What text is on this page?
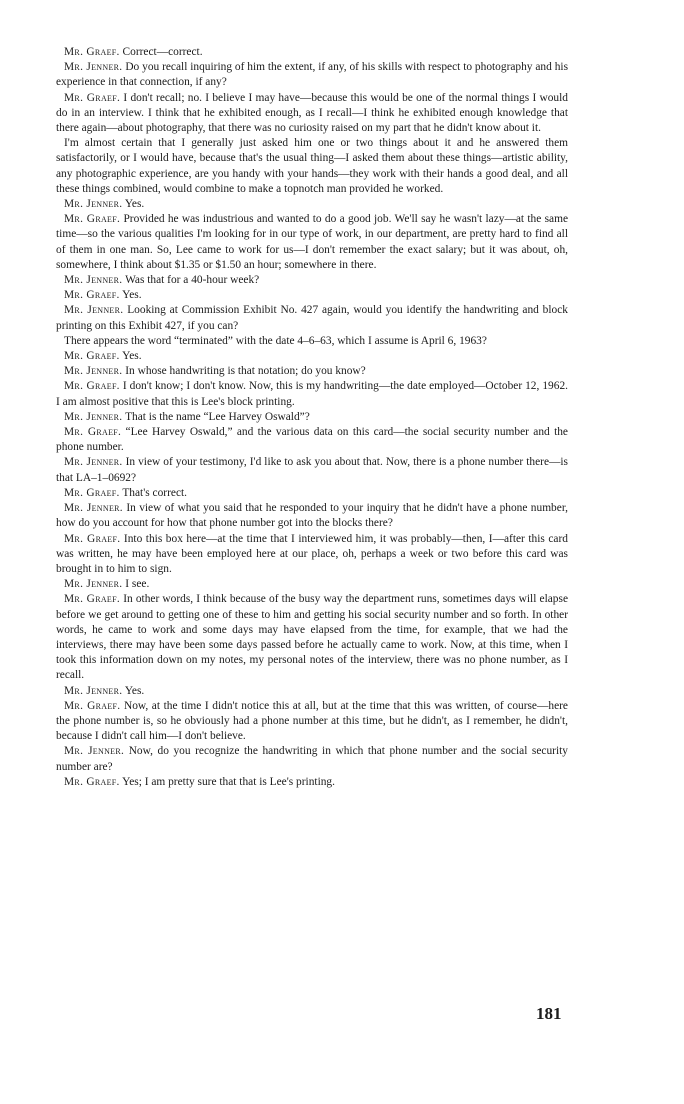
Mr. Graef. Correct—correct.
Mr. Jenner. Do you recall inquiring of him the extent, if any, of his skills with respect to photography and his experience in that connection, if any?
Mr. Graef. I don't recall; no. I believe I may have—because this would be one of the normal things I would do in an interview. I think that he exhibited enough, as I recall—I think he exhibited enough knowledge that there again—about photography, that there was no curiosity raised on my part that he didn't know about it.
I'm almost certain that I generally just asked him one or two things about it and he answered them satisfactorily, or I would have, because that's the usual thing—I asked them about these things—artistic ability, any photographic experience, are you handy with your hands—they work with their hands a good deal, and all these things combined, would combine to make a topnotch man provided he worked.
Mr. Jenner. Yes.
Mr. Graef. Provided he was industrious and wanted to do a good job. We'll say he wasn't lazy—at the same time—so the various qualities I'm looking for in our type of work, in our department, are pretty hard to find all of them in one man. So, Lee came to work for us—I don't remember the exact salary; but it was about, oh, somewhere, I think about $1.35 or $1.50 an hour; somewhere in there.
Mr. Jenner. Was that for a 40-hour week?
Mr. Graef. Yes.
Mr. Jenner. Looking at Commission Exhibit No. 427 again, would you identify the handwriting and block printing on this Exhibit 427, if you can?
There appears the word “terminated” with the date 4–6–63, which I assume is April 6, 1963?
Mr. Graef. Yes.
Mr. Jenner. In whose handwriting is that notation; do you know?
Mr. Graef. I don't know; I don't know. Now, this is my handwriting—the date employed—October 12, 1962. I am almost positive that this is Lee's block printing.
Mr. Jenner. That is the name “Lee Harvey Oswald”?
Mr. Graef. “Lee Harvey Oswald,” and the various data on this card—the social security number and the phone number.
Mr. Jenner. In view of your testimony, I'd like to ask you about that. Now, there is a phone number there—is that LA–1–0692?
Mr. Graef. That's correct.
Mr. Jenner. In view of what you said that he responded to your inquiry that he didn't have a phone number, how do you account for how that phone number got into the blocks there?
Mr. Graef. Into this box here—at the time that I interviewed him, it was probably—then, I—after this card was written, he may have been employed here at our place, oh, perhaps a week or two before this card was brought in to him to sign.
Mr. Jenner. I see.
Mr. Graef. In other words, I think because of the busy way the department runs, sometimes days will elapse before we get around to getting one of these to him and getting his social security number and so forth. In other words, he came to work and some days may have elapsed from the time, for example, that we had the interviews, there may have been some days passed before he actually came to work. Now, at this time, when I took this information down on my notes, my personal notes of the interview, there was no phone number, as I recall.
Mr. Jenner. Yes.
Mr. Graef. Now, at the time I didn't notice this at all, but at the time that this was written, of course—here the phone number is, so he obviously had a phone number at this time, but he didn't, as I remember, he didn't, because I didn't call him—I don't believe.
Mr. Jenner. Now, do you recognize the handwriting in which that phone number and the social security number are?
Mr. Graef. Yes; I am pretty sure that that is Lee's printing.
181
